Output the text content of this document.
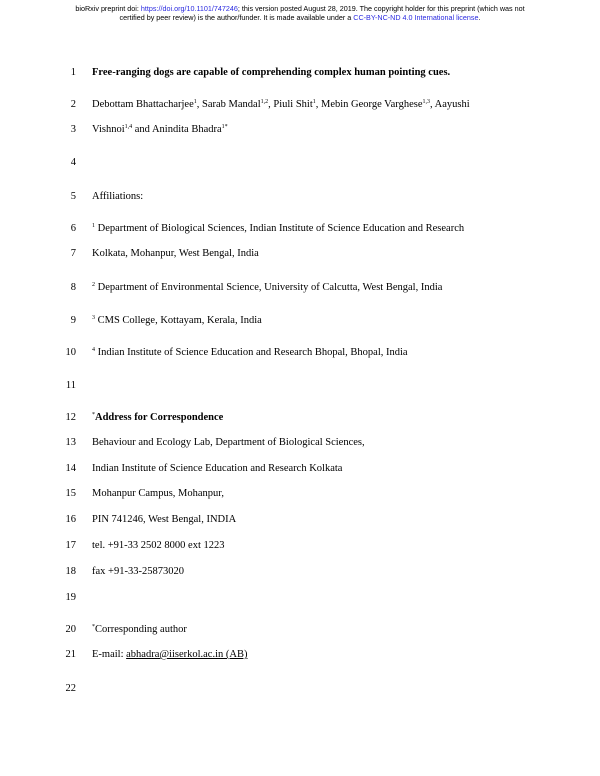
bioRxiv preprint doi: https://doi.org/10.1101/747246; this version posted August 28, 2019. The copyright holder for this preprint (which was not
certified by peer review) is the author/funder. It is made available under a CC-BY-NC-ND 4.0 International license.
1 Free-ranging dogs are capable of comprehending complex human pointing cues.
2 Debottam Bhattacharjee$^1$, Sarab Mandal$^{1,2}$, Piuli Shit$^1$, Mebin George Varghese$^{1,3}$, Aayushi
3 Vishnoi$^{1,4}$ and Anindita Bhadra$^{1*}$
4
5 Affiliations:
6	$^1$ Department of Biological Sciences, Indian Institute of Science Education and Research
7 Kolkata, Mohanpur, West Bengal, India
8	$^2$ Department of Environmental Science, University of Calcutta, West Bengal, India
9	$^3$ CMS College, Kottayam, Kerala, India
10	$^4$ Indian Institute of Science Education and Research Bhopal, Bhopal, India
11
12	*Address for Correspondence
13 Behaviour and Ecology Lab, Department of Biological Sciences,
14 Indian Institute of Science Education and Research Kolkata
15 Mohanpur Campus, Mohanpur,
16 PIN 741246, West Bengal, INDIA
17 tel. +91-33 2502 8000 ext 1223
18 fax +91-33-25873020
19
20	*Corresponding author
21 E-mail: abhadra@iiserkol.ac.in (AB)
22
